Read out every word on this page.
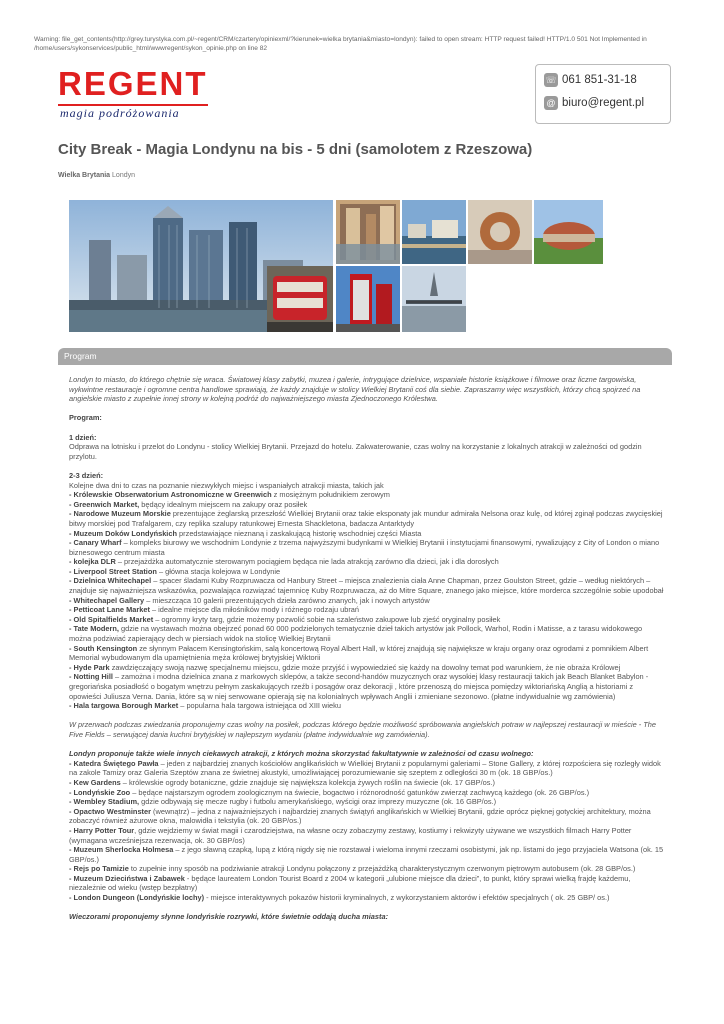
Warning: file_get_contents(http://grey.turystyka.com.pl/~regent/CRM/czartery/opiniexml/?kierunek=wielka brytania&miasto=londyn): failed to open stream: HTTP request failed! HTTP/1.0 501 Not Implemented in /home/users/sykonservices/public_html/wwwregent/sykon_opinie.php on line 82
REGENT
magia podróżowania
☏ 061 851-31-18
@ biuro@regent.pl
City Break - Magia Londynu na bis - 5 dni (samolotem z Rzeszowa)
Wielka Brytania Londyn
Program

Londyn to miasto, do którego chętnie się wraca. Światowej klasy zabytki, muzea i galerie, intrygujące dzielnice, wspaniałe historie książkowe i filmowe oraz liczne targowiska, wykwintne restauracje i ogromne centra handlowe sprawiają, że każdy znajduje w stolicy Wielkiej Brytanii coś dla siebie. Zapraszamy więc wszystkich, którzy chcą spojrzeć na angielskie miasto z zupełnie innej strony w kolejną podróż do najważniejszego miasta Zjednoczonego Królestwa.

Program:

1 dzień:

Odprawa na lotnisku i przelot do Londynu - stolicy Wielkiej Brytanii. Przejazd do hotelu. Zakwaterowanie, czas wolny na korzystanie z lokalnych atrakcji w zależności od godzin przylotu.

2-3 dzień:

Kolejne dwa dni to czas na poznanie niezwykłych miejsc i wspaniałych atrakcji miasta, takich jak

- Królewskie Obserwatorium Astronomiczne w Greenwich z mosiężnym południkiem zerowym

- Greenwich Market, będący idealnym miejscem na zakupy oraz posiłek

- Narodowe Muzeum Morskie prezentujące żeglarską przeszłość Wielkiej Brytanii oraz takie eksponaty jak mundur admirała Nelsona oraz kulę, od której zginął podczas zwycięskiej bitwy morskiej pod Trafalgarem, czy replika szalupy ratunkowej Ernesta Shackletona, badacza Antarktydy

- Muzeum Doków Londyńskich przedstawiające nieznaną i zaskakującą historię wschodniej części Miasta

- Canary Wharf – kompleks biurowy we wschodnim Londynie z trzema najwyższymi budynkami w Wielkiej Brytanii i instytucjami finansowymi, rywalizujący z City of London o miano biznesowego centrum miasta

- kolejka DLR – przejażdżka automatycznie sterowanym pociągiem będąca nie lada atrakcją zarówno dla dzieci, jak i dla dorosłych

- Liverpool Street Station – główna stacja kolejowa w Londynie

- Dzielnica Whitechapel – spacer śladami Kuby Rozpruwacza od Hanbury Street – miejsca znalezienia ciała Anne Chapman, przez Goulston Street, gdzie – według niektórych – znajduje się najważniejsza wskazówka, pozwalająca rozwiązać tajemnicę Kuby Rozpruwacza, aż do Mitre Square, znanego jako miejsce, które morderca szczególnie sobie upodobał

- Whitechapel Gallery – mieszcząca 10 galerii prezentujących dzieła zarówno znanych, jak i nowych artystów

- Petticoat Lane Market – idealne miejsce dla miłośników mody i różnego rodzaju ubrań

- Old Spitalfields Market – ogromny kryty targ, gdzie możemy pozwolić sobie na szaleństwo zakupowe lub zjeść oryginalny posiłek

- Tate Modern, gdzie na wystawach można obejrzeć ponad 60 000 podzielonych tematycznie dzieł takich artystów jak Pollock, Warhol, Rodin i Matisse, a z tarasu widokowego można podziwiać zapierający dech w piersiach widok na stolicę Wielkiej Brytanii

- South Kensington ze słynnym Pałacem Kensingtońskim, salą koncertową Royal Albert Hall, w której znajdują się największe w kraju organy oraz ogrodami z pomnikiem Albert Memorial wybudowanym dla upamiętnienia męża królowej brytyjskiej Wiktorii

- Hyde Park zawdzięczający swoją nazwę specjalnemu miejscu, gdzie może przyjść i wypowiedzieć się każdy na dowolny temat pod warunkiem, że nie obraża Królowej

- Notting Hill – zamożna i modna dzielnica znana z markowych sklepów, a także second-handów muzycznych oraz wysokiej klasy restauracji takich jak Beach Blanket Babylon - gregoriańska posiadłość o bogatym wnętrzu pełnym zaskakujących rzeźb i posągów oraz dekoracji , które przenoszą do miejsca pomiędzy wiktoriańską Anglią a historiami z opowieści Juliusza Verna. Dania, które są w niej serwowane opierają się na kolonialnych wpływach Anglii i zmieniane sezonowo. (płatne indywidualnie wg zamówienia)

- Hala targowa Borough Market – popularna hala targowa istniejąca od XIII wieku

W przerwach podczas zwiedzania proponujemy czas wolny na posiłek, podczas którego będzie możliwość spróbowania angielskich potraw w najlepszej restauracji w mieście - The Five Fields – serwującej dania kuchni brytyjskiej w najlepszym wydaniu (płatne indywidualnie wg zamówienia).

Londyn proponuje także wiele innych ciekawych atrakcji, z których można skorzystać fakultatywnie w zależności od czasu wolnego:

- Katedra Świętego Pawła – jeden z najbardziej znanych kościołów anglikańskich w Wielkiej Brytanii z popularnymi galeriami – Stone Gallery, z której rozpościera się rozległy widok na zakole Tamizy oraz Galeria Szeptów znana ze świetnej akustyki, umożliwiającej porozumiewanie się szeptem z odległości 30 m (ok. 18 GBP/os.)

- Kew Gardens – królewskie ogrody botaniczne, gdzie znajduje się największa kolekcja żywych roślin na świecie (ok. 17 GBP/os.)

- Londyńskie Zoo – będące najstarszym ogrodem zoologicznym na świecie, bogactwo i różnorodność gatunków zwierząt zachwycą każdego (ok. 26 GBP/os.)

- Wembley Stadium, gdzie odbywają się mecze rugby i futbolu amerykańskiego, wyścigi oraz imprezy muzyczne (ok. 16 GBP/os.)

- Opactwo Westminster (wewnątrz) – jedna z najważniejszych i najbardziej znanych świątyń anglikańskich w Wielkiej Brytanii, gdzie oprócz pięknej gotyckiej architektury, można zobaczyć również ażurowe okna, malowidła i tekstylia (ok. 20 GBP/os.)

- Harry Potter Tour, gdzie wejdziemy w świat magii i czarodziejstwa, na własne oczy zobaczymy zestawy, kostiumy i rekwizyty używane we wszystkich filmach Harry Potter (wymagana wcześniejsza rezerwacja, ok. 30 GBP/os)

- Muzeum Sherlocka Holmesa – z jego sławną czapką, lupą z którą nigdy się nie rozstawał i wieloma innymi rzeczami osobistymi, jak np. listami do jego przyjaciela Watsona (ok. 15 GBP/os.)

- Rejs po Tamizie to zupełnie inny sposób na podziwianie atrakcji Londynu połączony z przejażdżką charakterystycznym czerwonym piętrowym autobusem (ok. 28 GBP/os.)

- Muzeum Dzieciństwa i Zabawek - będące laureatem London Tourist Board z 2004 w kategorii „ulubione miejsce dla dzieci”, to punkt, który sprawi wielką frajdę każdemu, niezależnie od wieku (wstęp bezpłatny)

- London Dungeon (Londyńskie lochy) - miejsce interaktywnych pokazów historii kryminalnych, z wykorzystaniem aktorów i efektów specjalnych ( ok. 25 GBP/ os.)

Wieczorami proponujemy słynne londyńskie rozrywki, które świetnie oddają ducha miasta:
